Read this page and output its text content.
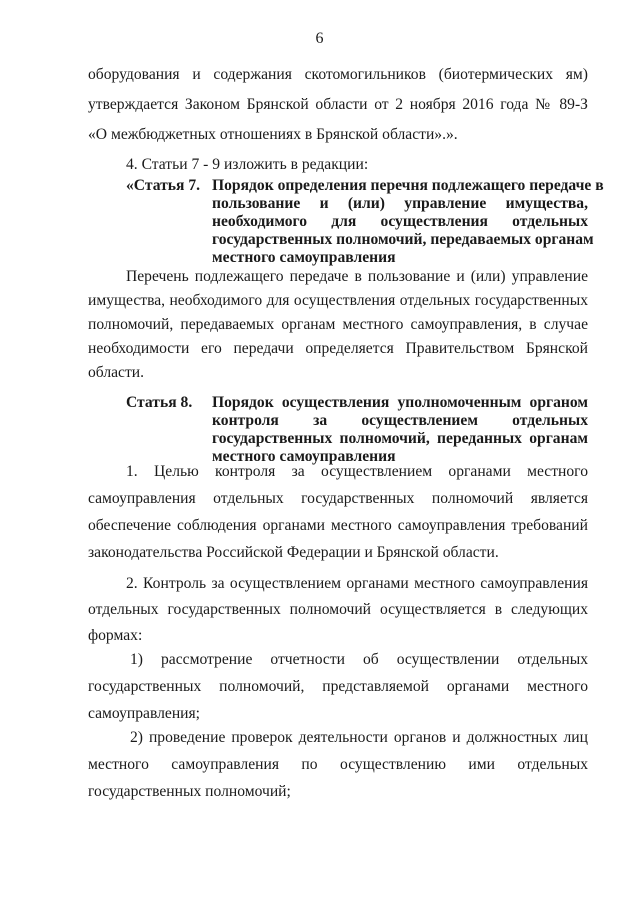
6
оборудования и содержания скотомогильников (биотермических ям)
утверждается Законом Брянской области от 2 ноября 2016 года № 89-З
«О межбюджетных отношениях в Брянской области».».
4. Статьи 7 - 9 изложить в редакции:
«Статья 7. Порядок определения перечня подлежащего передаче в
пользование и (или) управление имущества,
необходимого для осуществления отдельных
государственных полномочий, передаваемых органам
местного самоуправления
Перечень подлежащего передаче в пользование и (или) управление
имущества, необходимого для осуществления отдельных государственных
полномочий, передаваемых органам местного самоуправления, в случае
необходимости его передачи определяется Правительством Брянской
области.
Статья 8. Порядок осуществления уполномоченным органом
контроля за осуществлением отдельных
государственных полномочий, переданных органам
местного самоуправления
1. Целью контроля за осуществлением органами местного
самоуправления отдельных государственных полномочий является
обеспечение соблюдения органами местного самоуправления требований
законодательства Российской Федерации и Брянской области.
2. Контроль за осуществлением органами местного самоуправления
отдельных государственных полномочий осуществляется в следующих
формах:
1) рассмотрение отчетности об осуществлении отдельных
государственных полномочий, представляемой органами местного
самоуправления;
2) проведение проверок деятельности органов и должностных лиц
местного самоуправления по осуществлению ими отдельных
государственных полномочий;
